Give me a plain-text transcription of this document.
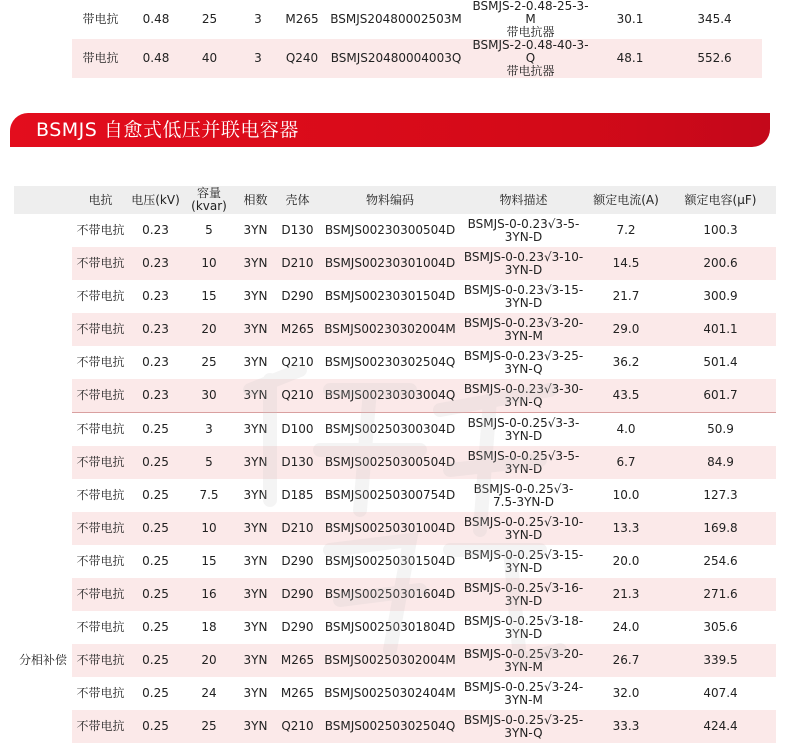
带电抗	0.48	25	3	M265	BSMJS20480002503M	BSMJS-2-0.48-25-3-M
带电抗器	30.1	345.4
带电抗	0.48	40	3	Q240	BSMJS20480004003Q	BSMJS-2-0.48-40-3-Q
带电抗器	48.1	552.6
BSMJS 自愈式低压并联电容器
	电抗	电压(kV)	容量(kvar)	相数	壳体	物料编码	物料描述	额定电流(A)	额定电容(μF)
	不带电抗	0.23	5	3YN	D130	BSMJS00230300504D	BSMJS-0-0.23√3-5-
3YN-D	7.2	100.3
	不带电抗	0.23	10	3YN	D210	BSMJS00230301004D	BSMJS-0-0.23√3-10-
3YN-D	14.5	200.6
	不带电抗	0.23	15	3YN	D290	BSMJS00230301504D	BSMJS-0-0.23√3-15-
3YN-D	21.7	300.9
	不带电抗	0.23	20	3YN	M265	BSMJS00230302004M	BSMJS-0-0.23√3-20-
3YN-M	29.0	401.1
	不带电抗	0.23	25	3YN	Q210	BSMJS00230302504Q	BSMJS-0-0.23√3-25-
3YN-Q	36.2	501.4
	不带电抗	0.23	30	3YN	Q210	BSMJS00230303004Q	BSMJS-0-0.23√3-30-
3YN-Q	43.5	601.7
	不带电抗	0.25	3	3YN	D100	BSMJS00250300304D	BSMJS-0-0.25√3-3-
3YN-D	4.0	50.9
	不带电抗	0.25	5	3YN	D130	BSMJS00250300504D	BSMJS-0-0.25√3-5-
3YN-D	6.7	84.9
	不带电抗	0.25	7.5	3YN	D185	BSMJS00250300754D	BSMJS-0-0.25√3-
7.5-3YN-D	10.0	127.3
	不带电抗	0.25	10	3YN	D210	BSMJS00250301004D	BSMJS-0-0.25√3-10-
3YN-D	13.3	169.8
	不带电抗	0.25	15	3YN	D290	BSMJS00250301504D	BSMJS-0-0.25√3-15-
3YN-D	20.0	254.6
	不带电抗	0.25	16	3YN	D290	BSMJS00250301604D	BSMJS-0-0.25√3-16-
3YN-D	21.3	271.6
	不带电抗	0.25	18	3YN	D290	BSMJS00250301804D	BSMJS-0-0.25√3-18-
3YN-D	24.0	305.6
分相补偿	不带电抗	0.25	20	3YN	M265	BSMJS00250302004M	BSMJS-0-0.25√3-20-
3YN-M	26.7	339.5
	不带电抗	0.25	24	3YN	M265	BSMJS00250302404M	BSMJS-0-0.25√3-24-
3YN-M	32.0	407.4
	不带电抗	0.25	25	3YN	Q210	BSMJS00250302504Q	BSMJS-0-0.25√3-25-
3YN-Q	33.3	424.4
